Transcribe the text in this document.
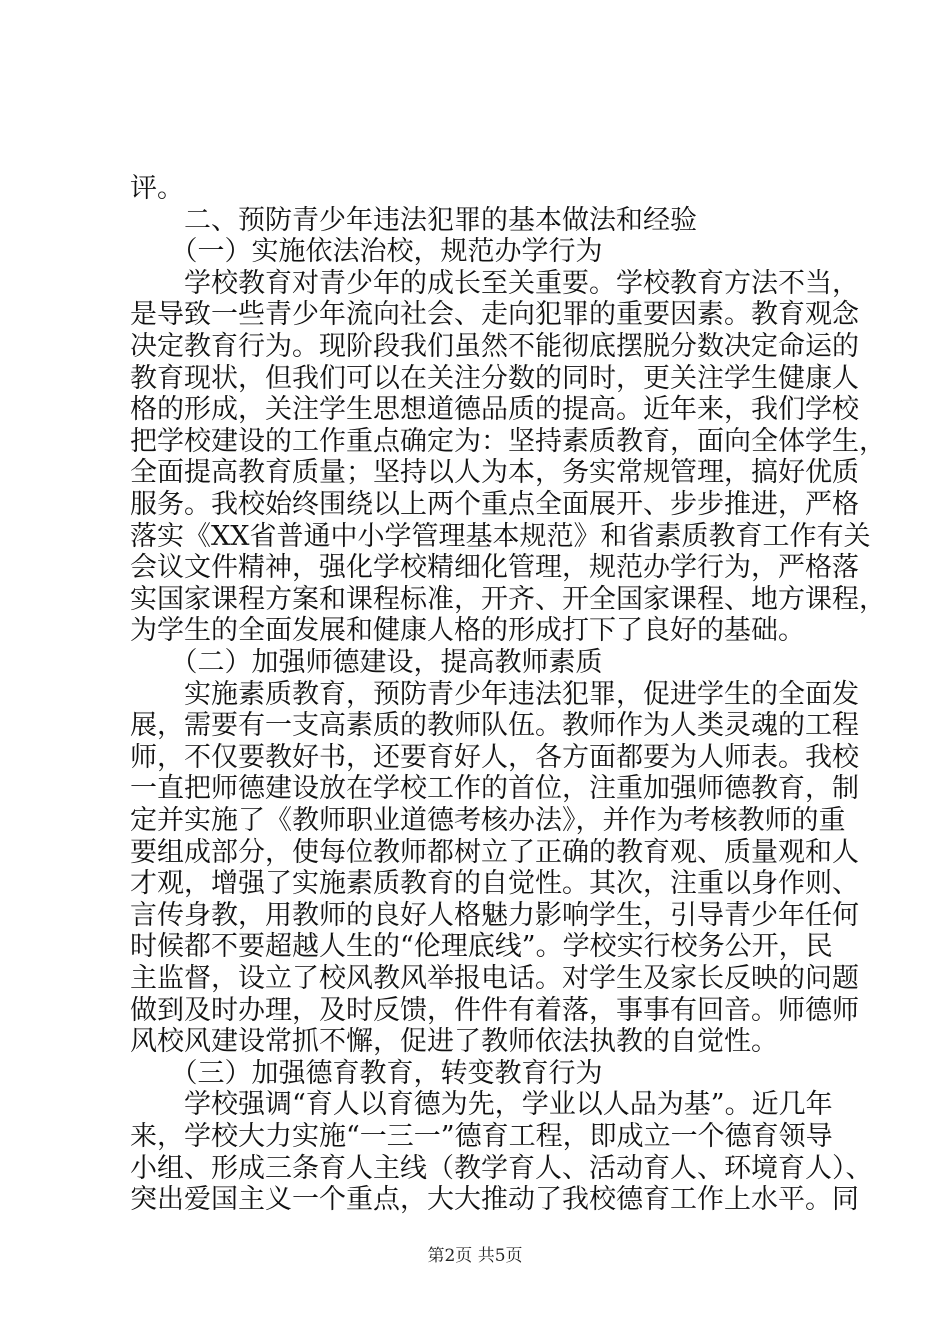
评。
　　二、预防青少年违法犯罪的基本做法和经验
　　（一）实施依法治校，规范办学行为
　　学校教育对青少年的成长至关重要。学校教育方法不当，
是导致一些青少年流向社会、走向犯罪的重要因素。教育观念
决定教育行为。现阶段我们虽然不能彻底摆脱分数决定命运的
教育现状，但我们可以在关注分数的同时，更关注学生健康人
格的形成，关注学生思想道德品质的提高。近年来，我们学校
把学校建设的工作重点确定为：坚持素质教育，面向全体学生，
全面提高教育质量；坚持以人为本，务实常规管理，搞好优质
服务。我校始终围绕以上两个重点全面展开、步步推进，严格
落实《XX省普通中小学管理基本规范》和省素质教育工作有关
会议文件精神，强化学校精细化管理，规范办学行为，严格落
实国家课程方案和课程标准，开齐、开全国家课程、地方课程，
为学生的全面发展和健康人格的形成打下了良好的基础。
　　（二）加强师德建设，提高教师素质
　　实施素质教育，预防青少年违法犯罪，促进学生的全面发
展，需要有一支高素质的教师队伍。教师作为人类灵魂的工程
师，不仅要教好书，还要育好人，各方面都要为人师表。我校
一直把师德建设放在学校工作的首位，注重加强师德教育，制
定并实施了《教师职业道德考核办法》，并作为考核教师的重
要组成部分，使每位教师都树立了正确的教育观、质量观和人
才观，增强了实施素质教育的自觉性。其次，注重以身作则、
言传身教，用教师的良好人格魅力影响学生，引导青少年任何
时候都不要超越人生的“伦理底线”。学校实行校务公开，民
主监督，设立了校风教风举报电话。对学生及家长反映的问题
做到及时办理，及时反馈，件件有着落，事事有回音。师德师
风校风建设常抓不懈，促进了教师依法执教的自觉性。
　　（三）加强德育教育，转变教育行为
　　学校强调“育人以育德为先，学业以人品为基”。近几年
来，学校大力实施“一三一”德育工程，即成立一个德育领导
小组、形成三条育人主线（教学育人、活动育人、环境育人）、
突出爱国主义一个重点，大大推动了我校德育工作上水平。同
第2页 共5页
